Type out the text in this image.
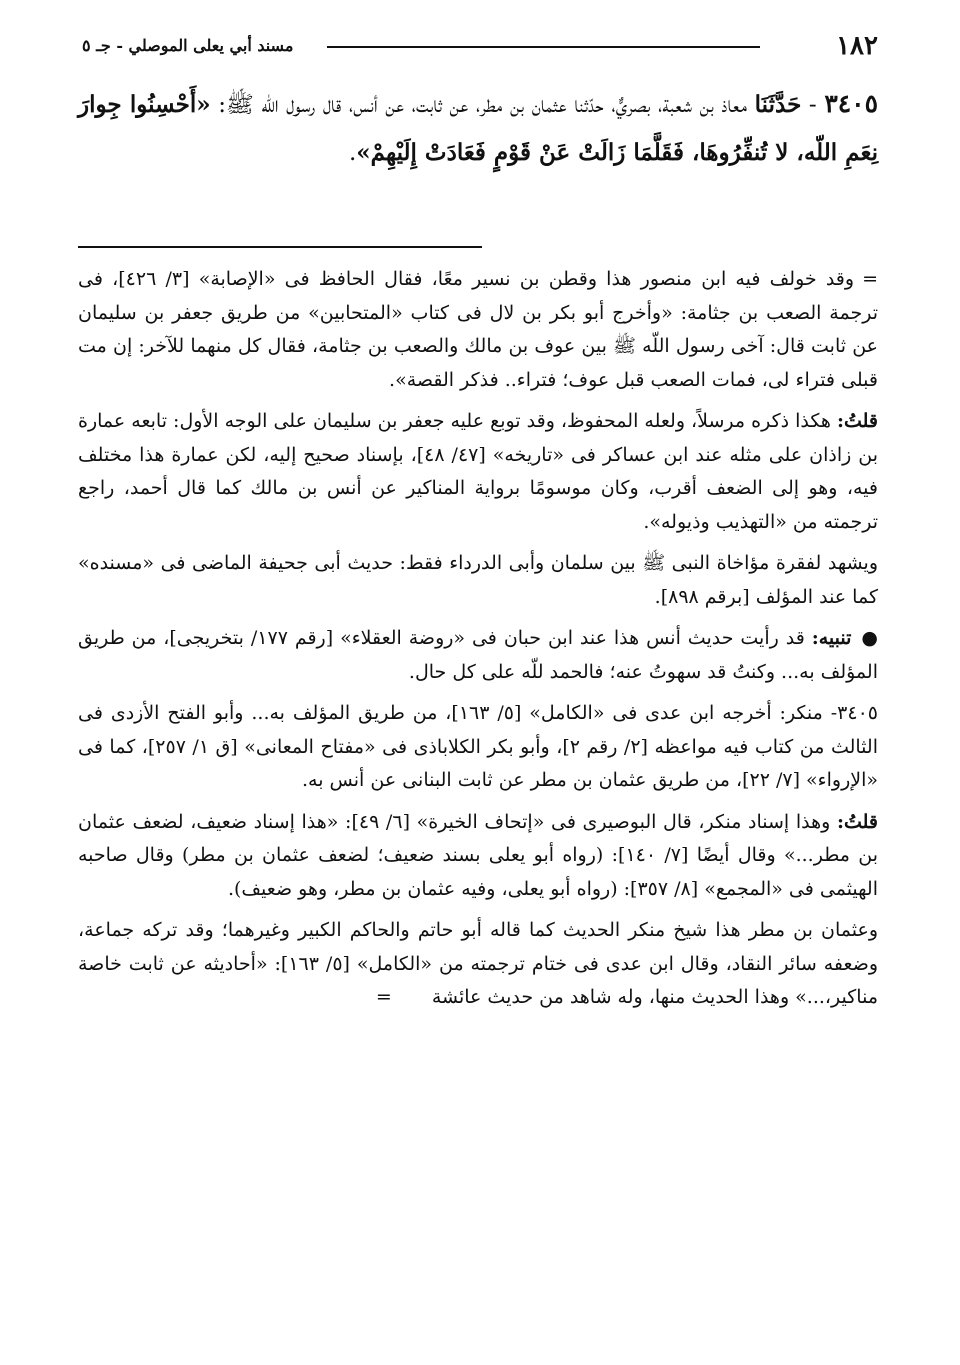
١٨٢
مسند أبي يعلى الموصلي - جـ ٥
٣٤٠٥ - حَدَّثَنَا معاذ بن شعبة، بصريٌّ، حدّثنا عثمان بن مطر، عن ثابت، عن أنس، قال رسول اللّه ﷺ: «أَحْسِنُوا جِوارَ نِعَمِ اللّه، لا تُنفِّرُوهَا، فَقَلَّمَا زَالَتْ عَنْ قَوْمٍ فَعَادَتْ إِلَيْهِمْ».

=وقد خولف فيه ابن منصور هذا وقطن بن نسير معًا، فقال الحافظ فى «الإصابة» [٣/ ٤٢٦]، فى ترجمة الصعب بن جثامة: «وأخرج أبو بكر بن لال فى كتاب «المتحابين» من طريق جعفر بن سليمان عن ثابت قال: آخى رسول اللّه ﷺ بين عوف بن مالك والصعب بن جثامة، فقال كل منهما للآخر: إن مت قبلى فتراء لى، فمات الصعب قبل عوف؛ فتراء.. فذكر القصة».

قلتُ: هكذا ذكره مرسلاً، ولعله المحفوظ، وقد توبع عليه جعفر بن سليمان على الوجه الأول: تابعه عمارة بن زاذان على مثله عند ابن عساكر فى «تاريخه» [٤٧/ ٤٨]، بإسناد صحيح إليه، لكن عمارة هذا مختلف فيه، وهو إلى الضعف أقرب، وكان موسومًا برواية المناكير عن أنس بن مالك كما قال أحمد، راجع ترجمته من «التهذيب وذيوله».

ويشهد لفقرة مؤاخاة النبى ﷺ بين سلمان وأبى الدرداء فقط: حديث أبى جحيفة الماضى فى «مسنده» كما عند المؤلف [برقم ٨٩٨].

●تنبيه: قد رأيت حديث أنس هذا عند ابن حبان فى «روضة العقلاء» [رقم ١٧٧/ بتخريجى]، من طريق المؤلف به... وكنتُ قد سهوتُ عنه؛ فالحمد للّه على كل حال.

٣٤٠٥- منكر: أخرجه ابن عدى فى «الكامل» [٥/ ١٦٣]، من طريق المؤلف به... وأبو الفتح الأزدى فى الثالث من كتاب فيه مواعظه [٢/ رقم ٢]، وأبو بكر الكلاباذى فى «مفتاح المعانى» [ق ١/ ٢٥٧]، كما فى «الإرواء» [٧/ ٢٢]، من طريق عثمان بن مطر عن ثابت البنانى عن أنس به.

قلتُ: وهذا إسناد منكر، قال البوصيرى فى «إتحاف الخيرة» [٦/ ٤٩]: «هذا إسناد ضعيف، لضعف عثمان بن مطر...» وقال أيضًا [٧/ ١٤٠]: (رواه أبو يعلى بسند ضعيف؛ لضعف عثمان بن مطر) وقال صاحبه الهيثمى فى «المجمع» [٨/ ٣٥٧]: (رواه أبو يعلى، وفيه عثمان بن مطر، وهو ضعيف).

وعثمان بن مطر هذا شيخ منكر الحديث كما قاله أبو حاتم والحاكم الكبير وغيرهما؛ وقد تركه جماعة، وضعفه سائر النقاد، وقال ابن عدى فى ختام ترجمته من «الكامل» [٥/ ١٦٣]: «أحاديثه عن ثابت خاصة مناكير،...» وهذا الحديث منها، وله شاهد من حديث عائشة=
